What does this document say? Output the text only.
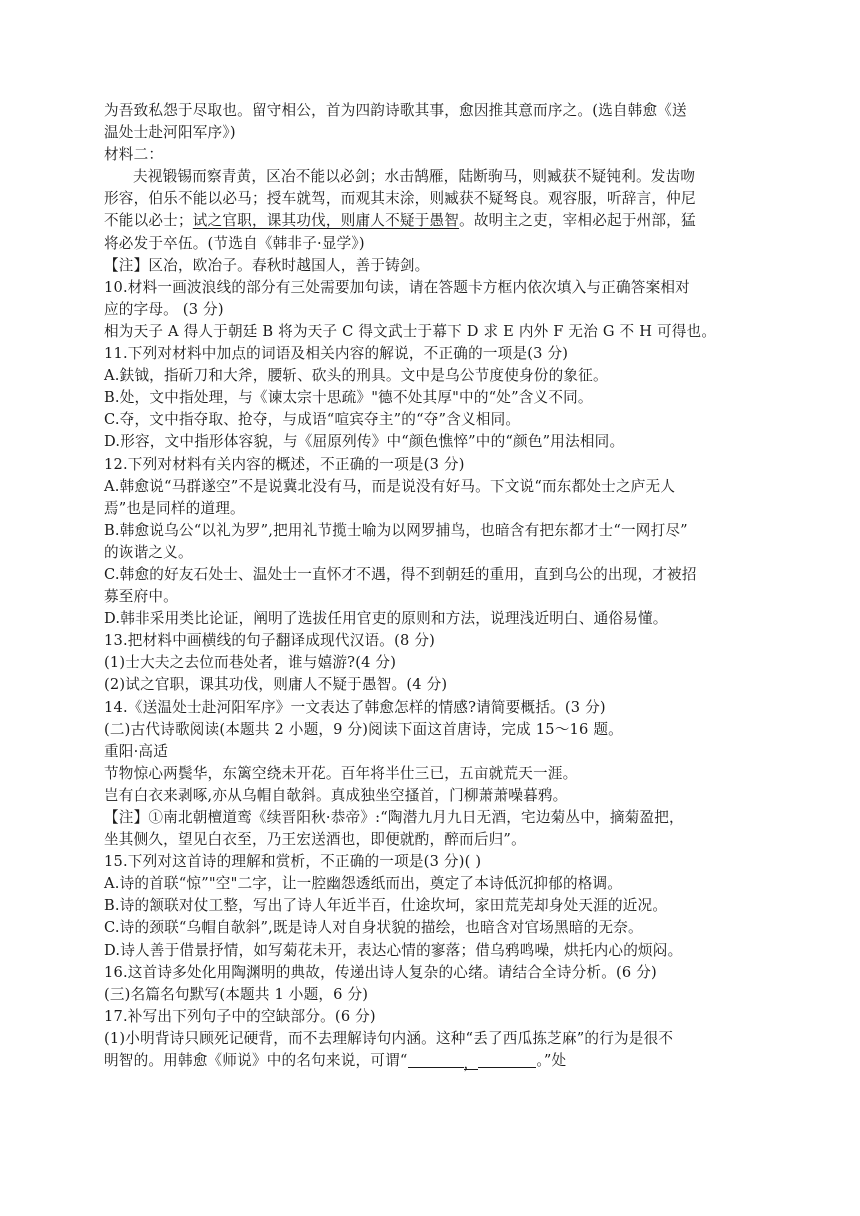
为吾致私怨于尽取也。留守相公，首为四韵诗歌其事，愈因推其意而序之。(选自韩愈《送
温处士赴河阳军序》)
材料二：
夫视锻锡而察青黄，区冶不能以必剑；水击鹄雁，陆断驹马，则臧获不疑钝利。发齿吻
形容，伯乐不能以必马；授车就驾，而观其末涂，则臧获不疑驽良。观容服，听辞言，仲尼
不能以必士；试之官职，课其功伐，则庸人不疑于愚智。故明主之吏，宰相必起于州部，猛
将必发于卒伍。(节选自《韩非子·显学》)
【注】区冶，欧冶子。春秋时越国人，善于铸剑。
10.材料一画波浪线的部分有三处需要加句读，请在答题卡方框内依次填入与正确答案相对
应的字母。 (3 分)
相为天子 A 得人于朝廷 B 将为天子 C 得文武士于幕下 D 求 E 内外 F 无治 G 不 H 可得也。
11.下列对材料中加点的词语及相关内容的解说，不正确的一项是(3 分)
A.鈇钺，指斫刀和大斧，腰斩、砍头的刑具。文中是乌公节度使身份的象征。
B.处，文中指处理，与《谏太宗十思疏》"德不处其厚"中的“处”含义不同。
C.夺，文中指夺取、抢夺，与成语“喧宾夺主”的“夺”含义相同。
D.形容，文中指形体容貌，与《屈原列传》中“颜色憔悴”中的“颜色”用法相同。
12.下列对材料有关内容的概述，不正确的一项是(3 分)
A.韩愈说“马群遂空”不是说冀北没有马，而是说没有好马。下文说“而东都处士之庐无人
焉”也是同样的道理。
B.韩愈说乌公“以礼为罗”,把用礼节揽士喻为以网罗捕鸟，也暗含有把东都才士“一网打尽”
的诙谐之义。
C.韩愈的好友石处士、温处士一直怀才不遇，得不到朝廷的重用，直到乌公的出现，才被招
募至府中。
D.韩非采用类比论证，阐明了选拔任用官吏的原则和方法，说理浅近明白、通俗易懂。
13.把材料中画横线的句子翻译成现代汉语。(8 分)
(1)士大夫之去位而巷处者，谁与嬉游?(4 分)
(2)试之官职，课其功伐，则庸人不疑于愚智。(4 分)
14.《送温处士赴河阳军序》一文表达了韩愈怎样的情感?请简要概括。(3 分)
(二)古代诗歌阅读(本题共 2 小题，9 分)阅读下面这首唐诗，完成 15～16 题。
重阳·高适
节物惊心两鬓华，东篱空绕未开花。百年将半仕三已，五亩就荒天一涯。
岂有白衣来剥啄,亦从乌帽自欹斜。真成独坐空搔首，门柳萧萧噪暮鸦。
【注】①南北朝檀道鸾《续晋阳秋·恭帝》:“陶潜九月九日无酒，宅边菊丛中，摘菊盈把，
坐其侧久，望见白衣至，乃王宏送酒也，即便就酌，醉而后归”。
15.下列对这首诗的理解和赏析，不正确的一项是(3 分)( )
A.诗的首联“惊”"空"二字，让一腔幽怨透纸而出，奠定了本诗低沉抑郁的格调。
B.诗的颔联对仗工整，写出了诗人年近半百，仕途坎坷，家田荒芜却身处天涯的近况。
C.诗的颈联“乌帽自欹斜”,既是诗人对自身状貌的描绘，也暗含对官场黑暗的无奈。
D.诗人善于借景抒情，如写菊花未开，表达心情的寥落；借乌鸦鸣噪，烘托内心的烦闷。
16.这首诗多处化用陶渊明的典故，传递出诗人复杂的心绪。请结合全诗分析。(6 分)
(三)名篇名句默写(本题共 1 小题，6 分)
17.补写出下列句子中的空缺部分。(6 分)
(1)小明背诗只顾死记硬背，而不去理解诗句内涵。这种“丢了西瓜拣芝麻”的行为是很不
明智的。用韩愈《师说》中的名句来说，可谓“	，	。”处
